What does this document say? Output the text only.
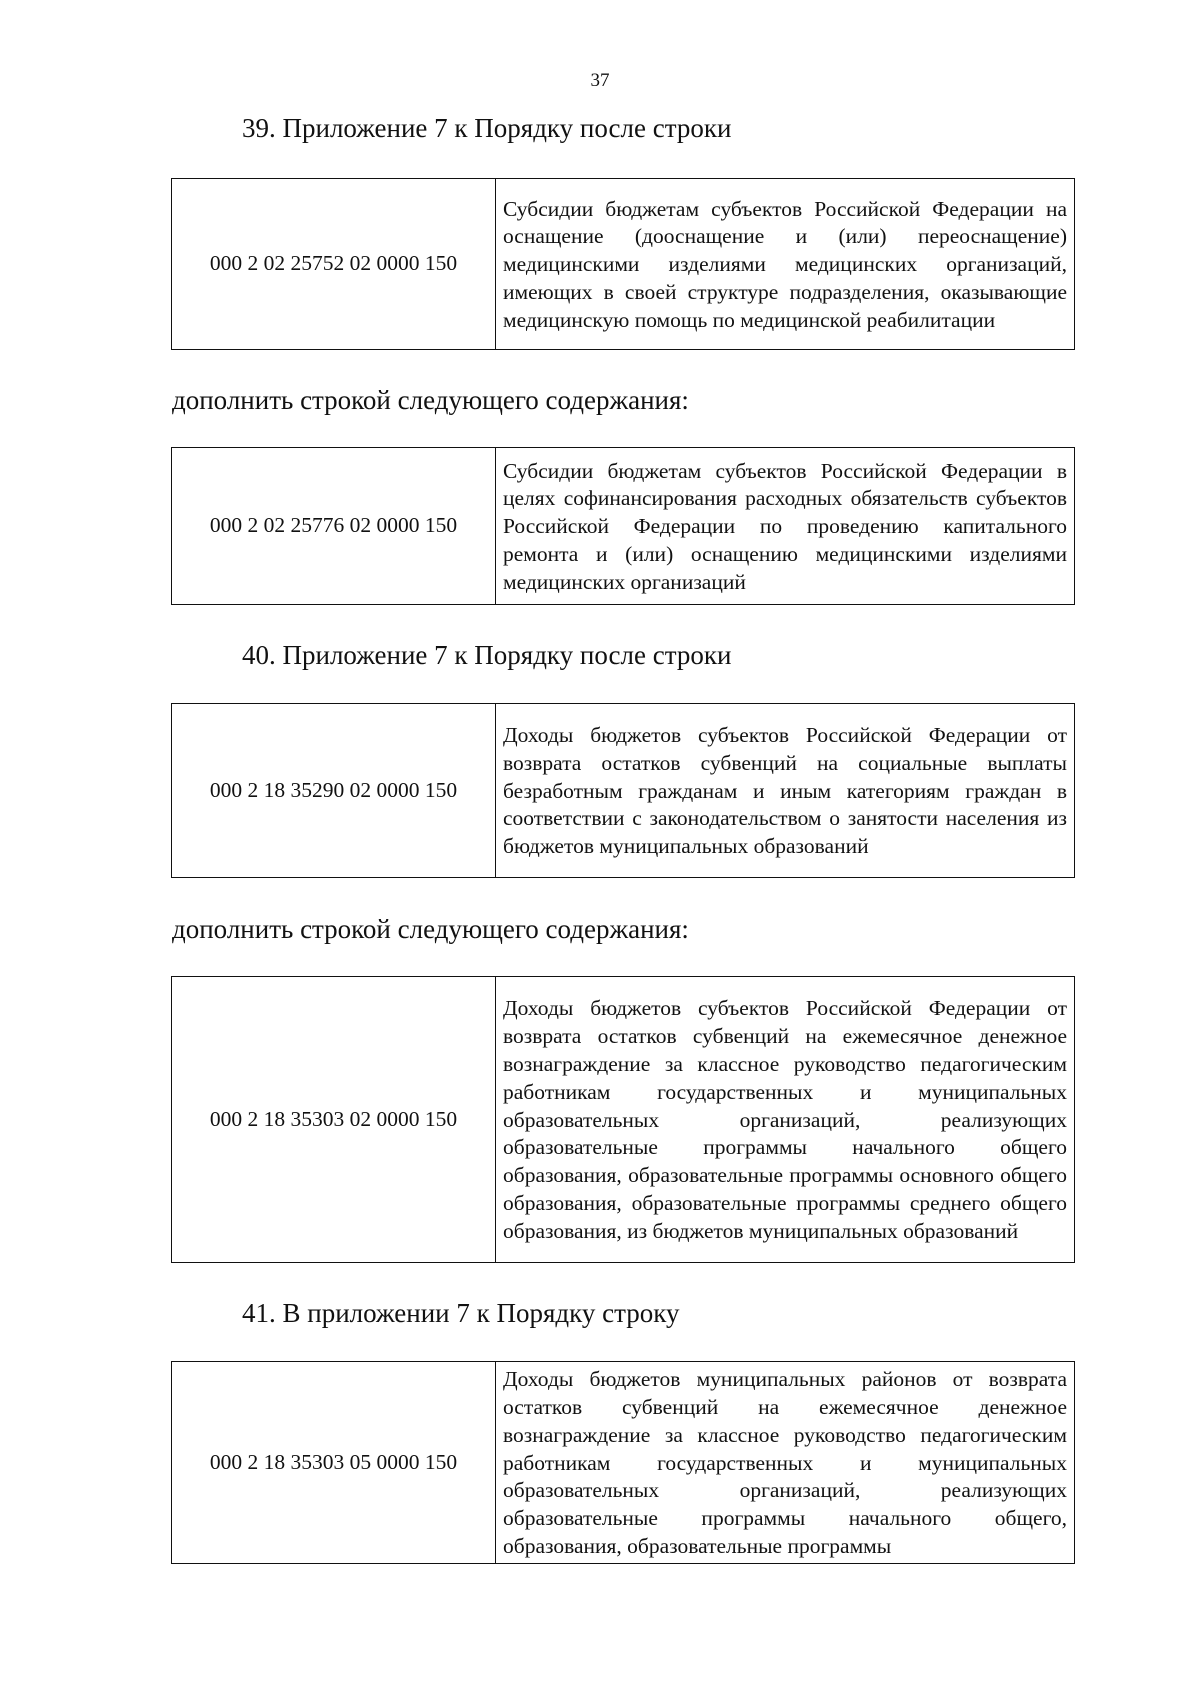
37
39. Приложение 7 к Порядку после строки
000 2 02 25752 02 0000 150	Субсидии бюджетам субъектов Российской Федерации на оснащение (дооснащение и (или) переоснащение) медицинскими изделиями медицинских организаций, имеющих в своей структуре подразделения, оказывающие медицинскую помощь по медицинской реабилитации
дополнить строкой следующего содержания:
000 2 02 25776 02 0000 150	Субсидии бюджетам субъектов Российской Федерации в целях софинансирования расходных обязательств субъектов Российской Федерации по проведению капитального ремонта и (или) оснащению медицинскими изделиями медицинских организаций
40. Приложение 7 к Порядку после строки
000 2 18 35290 02 0000 150	Доходы бюджетов субъектов Российской Федерации от возврата остатков субвенций на социальные выплаты безработным гражданам и иным категориям граждан в соответствии с законодательством о занятости населения из бюджетов муниципальных образований
дополнить строкой следующего содержания:
000 2 18 35303 02 0000 150	Доходы бюджетов субъектов Российской Федерации от возврата остатков субвенций на ежемесячное денежное вознаграждение за классное руководство педагогическим работникам государственных и муниципальных образовательных организаций, реализующих образовательные программы начального общего образования, образовательные программы основного общего образования, образовательные программы среднего общего образования, из бюджетов муниципальных образований
41. В приложении 7 к Порядку строку
000 2 18 35303 05 0000 150	Доходы бюджетов муниципальных районов от возврата остатков субвенций на ежемесячное денежное вознаграждение за классное руководство педагогическим работникам государственных и муниципальных образовательных организаций, реализующих образовательные программы начального общего, образования, образовательные программы
